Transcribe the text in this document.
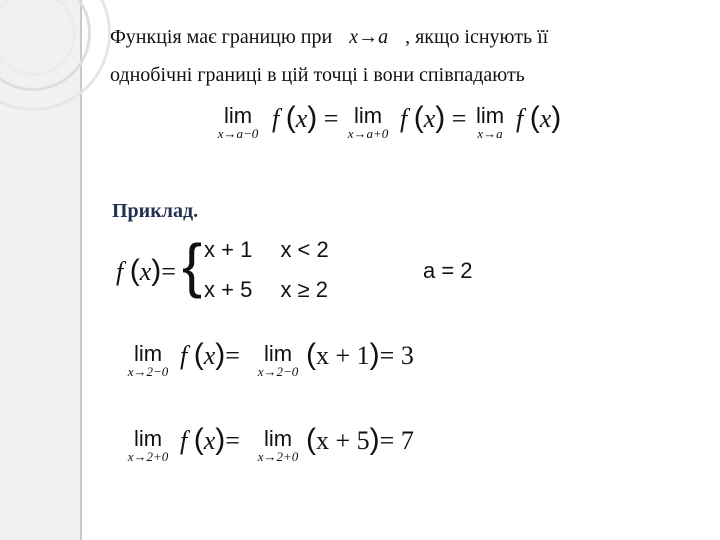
Функція має границю при x→a , якщо існують її
однобічні границі в цій точці і вони співпадають
lim
x→a−0
f (x) = lim
x→a+0
f (x) = lim
x→a
f (x)
Приклад.
f (x)= { x + 1 x < 2
x + 5 x ≥ 2
a = 2
lim
x→2−0
f (x)=	lim
x→2−0
(x + 1)= 3
lim
x→2+0
f (x)=	lim
x→2+0
(x + 5)= 7
